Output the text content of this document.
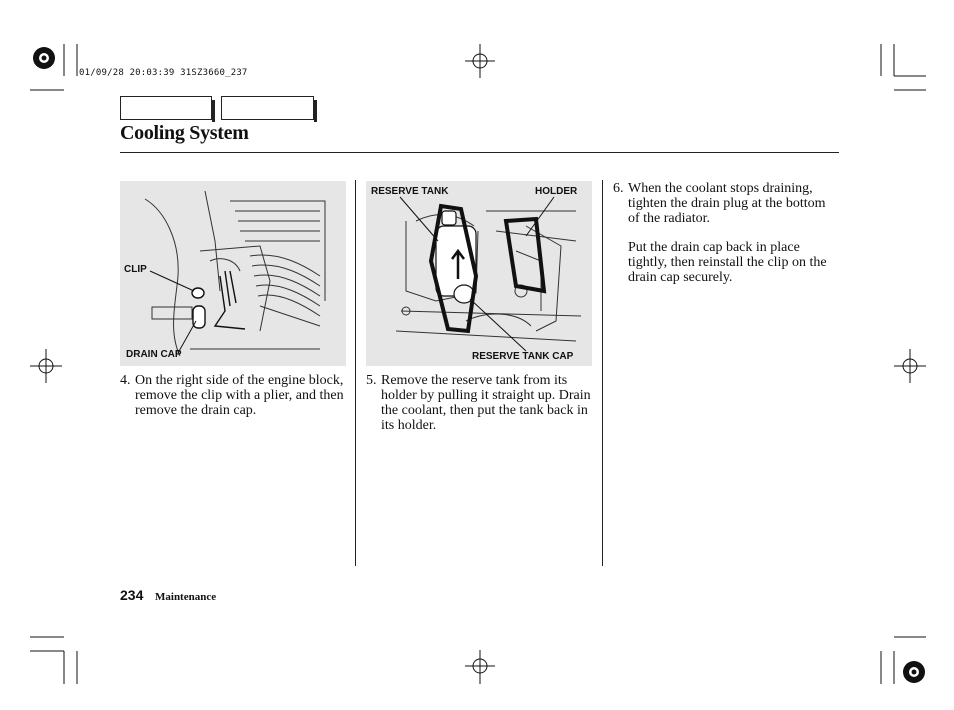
01/09/28 20:03:39 31SZ3660_237
Cooling System
CLIP
DRAIN CAP
RESERVE TANK	HOLDER
RESERVE TANK CAP
4. On the right side of the engine block, remove the clip with a plier, and then remove the drain cap.
5. Remove the reserve tank from its holder by pulling it straight up. Drain the coolant, then put the tank back in its holder.
6. When the coolant stops draining, tighten the drain plug at the bottom of the radiator.
Put the drain cap back in place tightly, then reinstall the clip on the drain cap securely.
234 Maintenance
